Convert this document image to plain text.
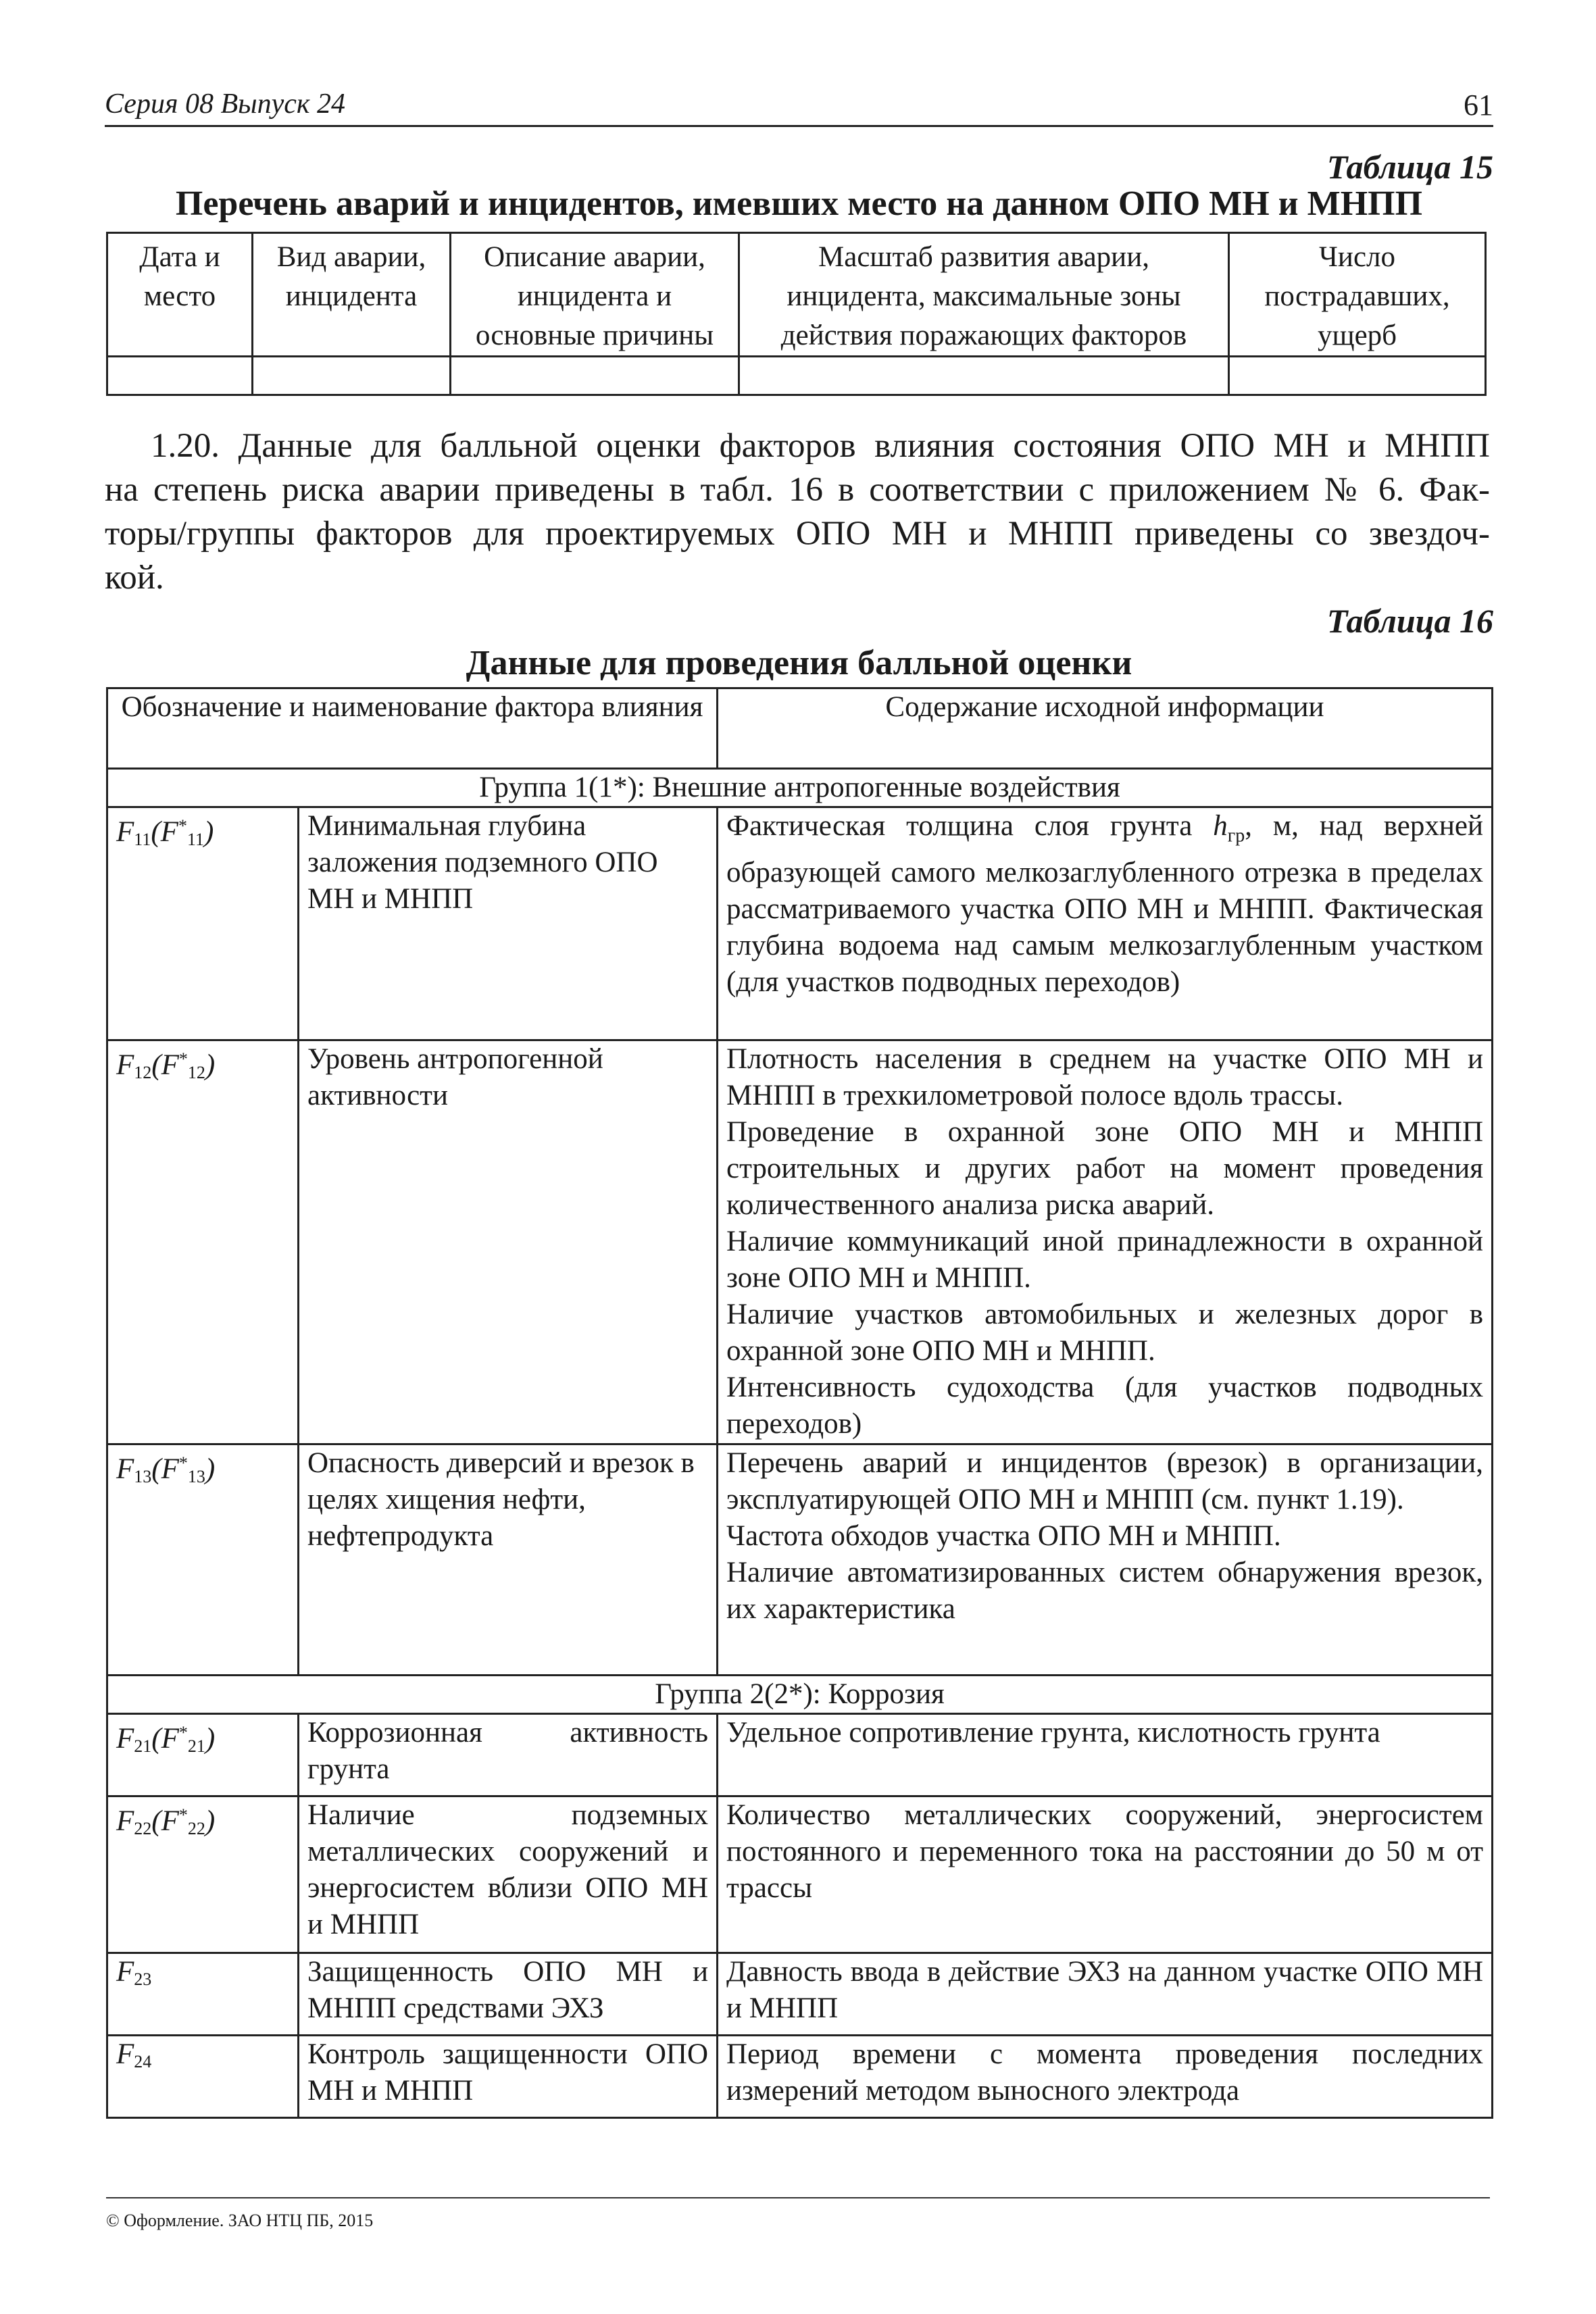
Серия 08 Выпуск 24	61
Таблица 15
Перечень аварий и инцидентов, имевших место на данном ОПО МН и МНПП
Дата и место	Вид аварии, инцидента	Описание аварии, инцидента и основные причины	Масштаб развития аварии, инцидента, максимальные зоны действия поражающих факторов	Число пострадавших, ущерб

1.20. Данные для балльной оценки факторов влияния состояния ОПО МН и МНПП
на степень риска аварии приведены в табл. 16 в соответствии с приложением № 6. Фак-
торы/группы факторов для проектируемых ОПО МН и МНПП приведены со звездоч-
кой.
Таблица 16
Данные для проведения балльной оценки
Обозначение и наименование фактора влияния		Содержание исходной информации
Группа 1(1*): Внешние антропогенные воздействия		
$F_{11}(F^*_{11})$	Минимальная глубина заложения подземного ОПО МН и МНПП	Фактическая толщина слоя грунта $h_{гр}$, м, над верхней образующей самого мелкозаглубленного отрезка в пределах рассматриваемого участка ОПО МН и МНПП. Фактическая глубина водоема над самым мелкозаглубленным участком (для участков подводных переходов)
$F_{12}(F^*_{12})$	Уровень антропогенной активности	Плотность населения в среднем на участке ОПО МН и МНПП в трехкилометровой полосе вдоль трассы.
Проведение в охранной зоне ОПО МН и МНПП строительных и других работ на момент проведения количественного анализа риска аварий.
Наличие коммуникаций иной принадлежности в охранной зоне ОПО МН и МНПП.
Наличие участков автомобильных и железных дорог в охранной зоне ОПО МН и МНПП.
Интенсивность судоходства (для участков подводных переходов)

$F_{13}(F^*_{13})$	Опасность диверсий и врезок в целях хищения нефти, нефтепродукта	Перечень аварий и инцидентов (врезок) в организации, эксплуатирующей ОПО МН и МНПП (см. пункт 1.19).
Частота обходов участка ОПО МН и МНПП.
Наличие автоматизированных систем обнаружения врезок, их характеристика

Группа 2(2*): Коррозия		
$F_{21}(F^*_{21})$	Коррозионная активность грунта	Удельное сопротивление грунта, кислотность грунта
$F_{22}(F^*_{22})$	Наличие подземных металлических сооружений и энергосистем вблизи ОПО МН и МНПП	Количество металлических сооружений, энергосистем постоянного и переменного тока на расстоянии до 50 м от трассы
$F_{23}$	Защищенность ОПО МН и МНПП средствами ЭХЗ	Давность ввода в действие ЭХЗ на данном участке ОПО МН и МНПП
$F_{24}$	Контроль защищенности ОПО МН и МНПП	Период времени с момента проведения последних измерений методом выносного электрода
© Оформление. ЗАО НТЦ ПБ, 2015
